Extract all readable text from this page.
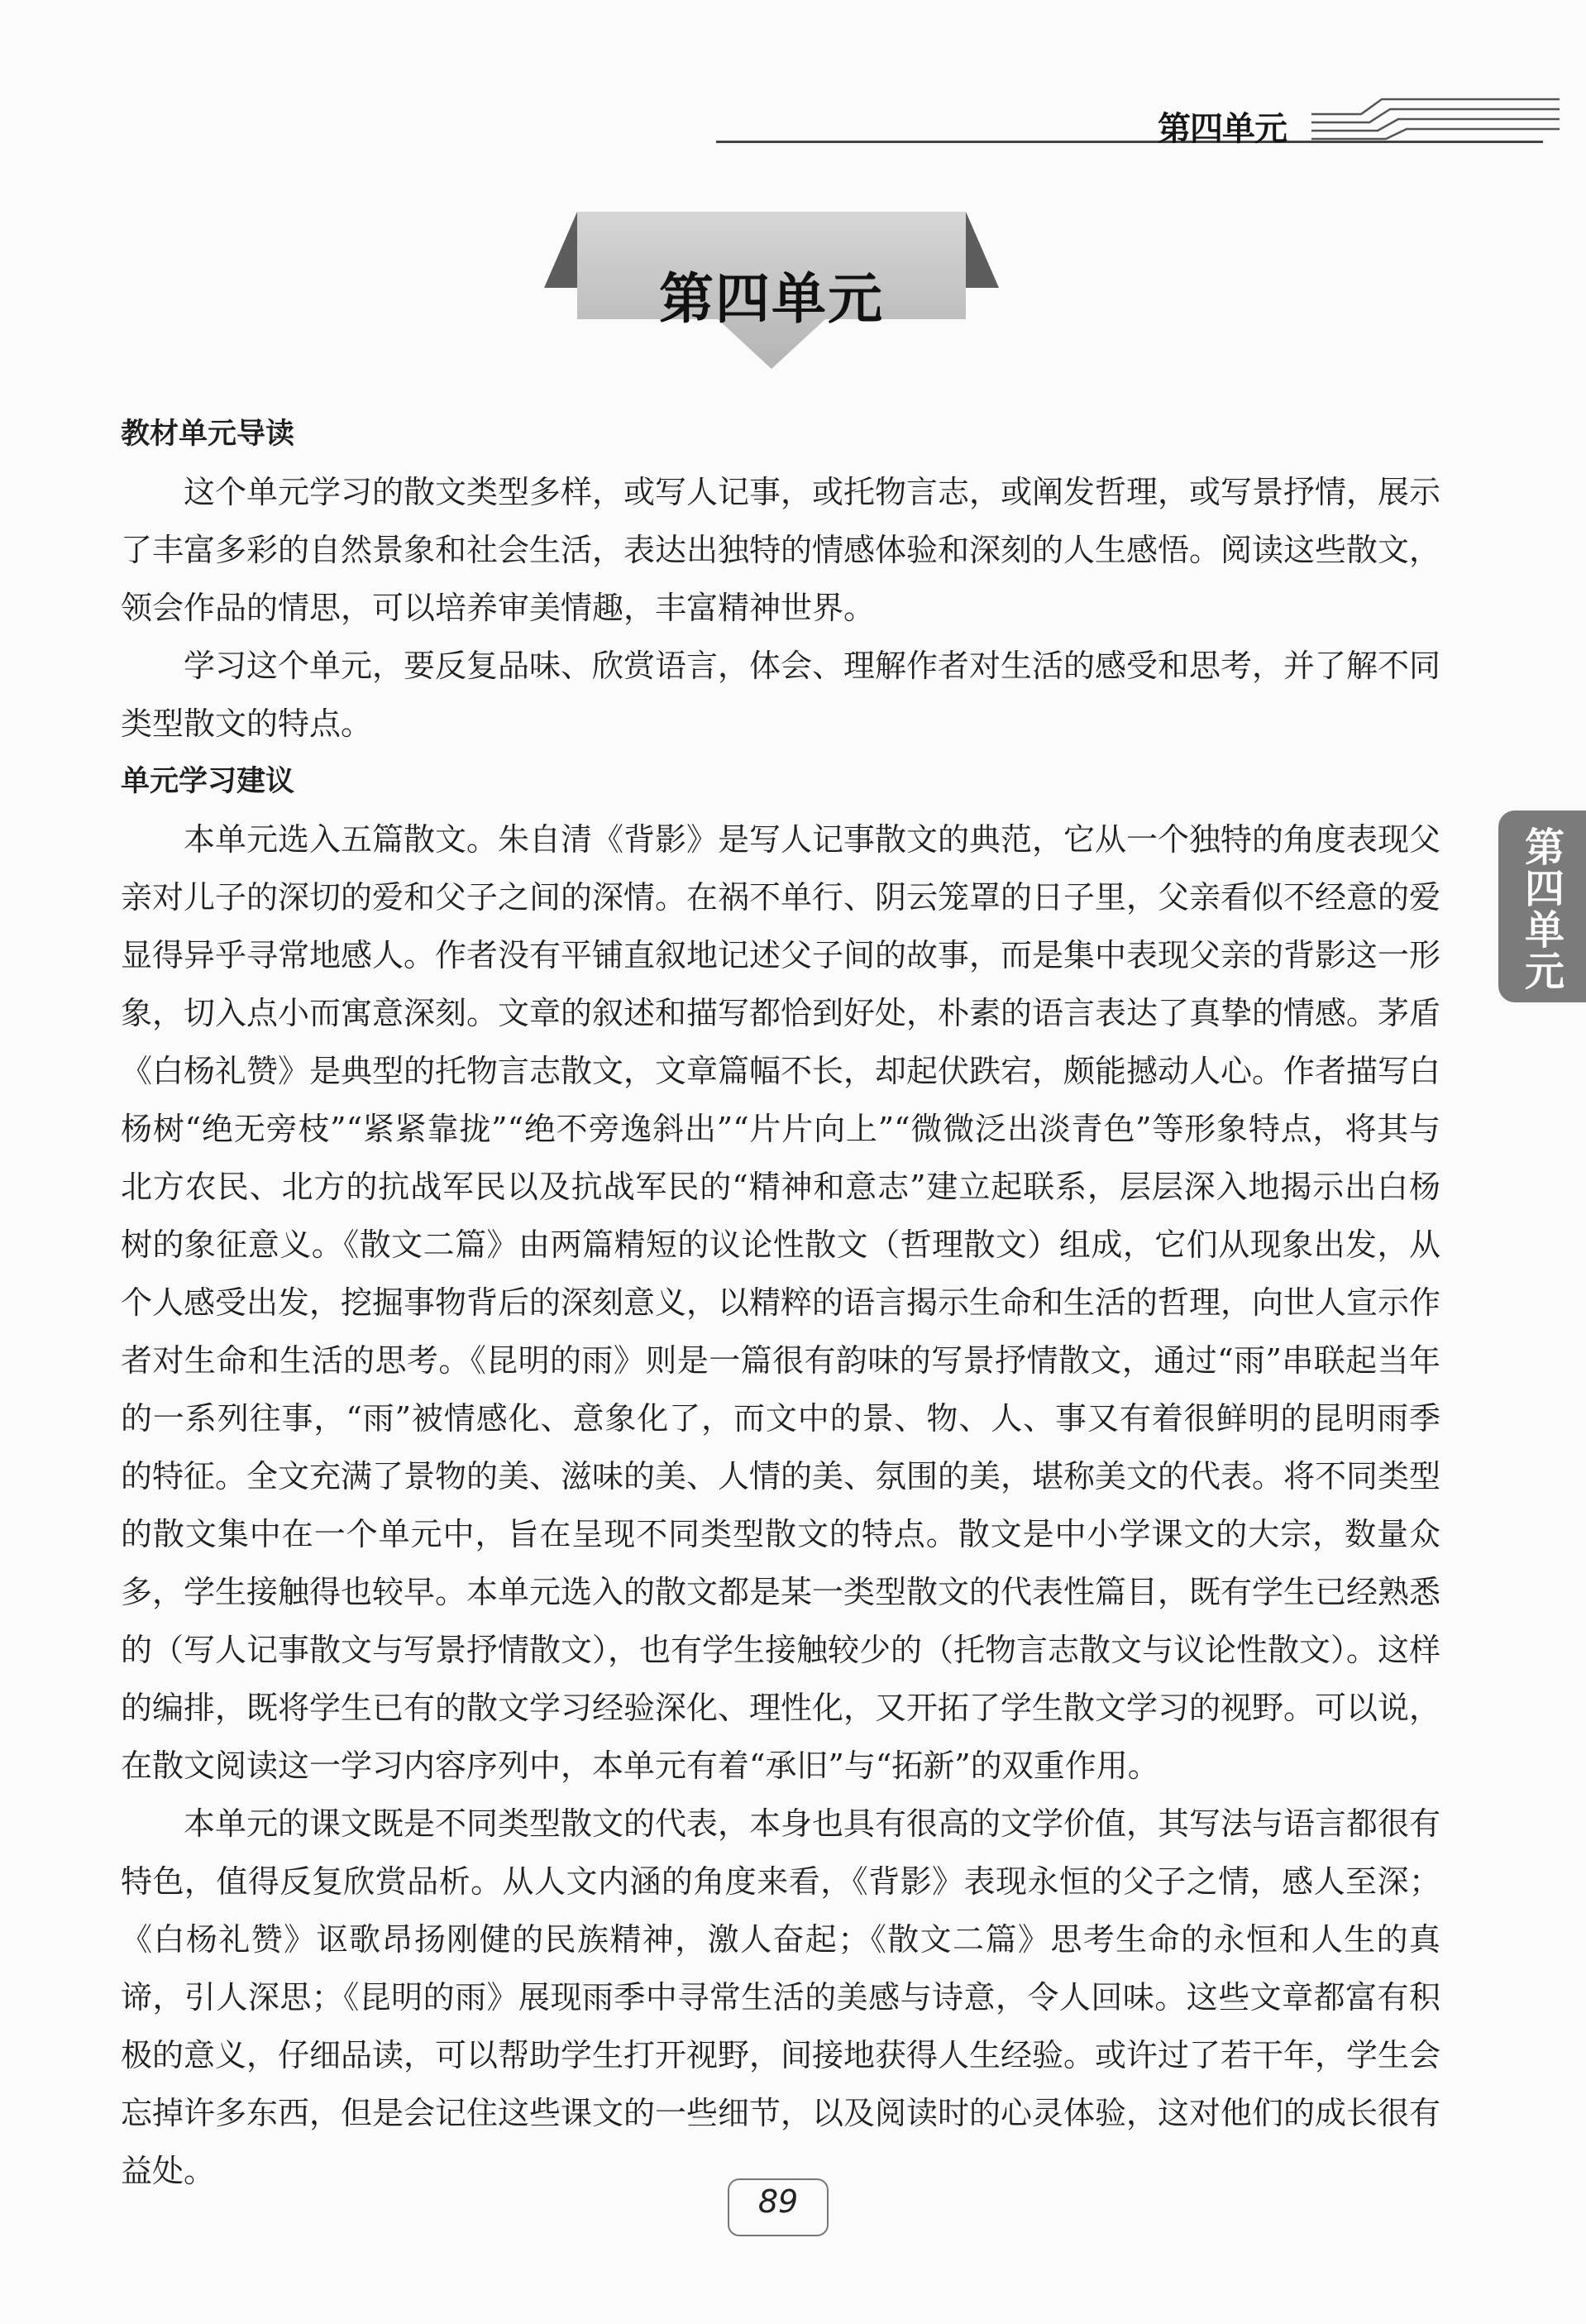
第四单元
第四单元
第四单元
教材单元导读

这个单元学习的散文类型多样，或写人记事，或托物言志，或阐发哲理，或写景抒情，展示了丰富多彩的自然景象和社会生活，表达出独特的情感体验和深刻的人生感悟。阅读这些散文，领会作品的情思，可以培养审美情趣，丰富精神世界。

学习这个单元，要反复品味、欣赏语言，体会、理解作者对生活的感受和思考，并了解不同类型散文的特点。

单元学习建议

本单元选入五篇散文。朱自清《背影》是写人记事散文的典范，它从一个独特的角度表现父亲对儿子的深切的爱和父子之间的深情。在祸不单行、阴云笼罩的日子里，父亲看似不经意的爱显得异乎寻常地感人。作者没有平铺直叙地记述父子间的故事，而是集中表现父亲的背影这一形象，切入点小而寓意深刻。文章的叙述和描写都恰到好处，朴素的语言表达了真挚的情感。茅盾《白杨礼赞》是典型的托物言志散文，文章篇幅不长，却起伏跌宕，颇能撼动人心。作者描写白杨树“绝无旁枝”“紧紧靠拢”“绝不旁逸斜出”“片片向上”“微微泛出淡青色”等形象特点，将其与北方农民、北方的抗战军民以及抗战军民的“精神和意志”建立起联系，层层深入地揭示出白杨树的象征意义。《散文二篇》由两篇精短的议论性散文（哲理散文）组成，它们从现象出发，从个人感受出发，挖掘事物背后的深刻意义，以精粹的语言揭示生命和生活的哲理，向世人宣示作者对生命和生活的思考。《昆明的雨》则是一篇很有韵味的写景抒情散文，通过“雨”串联起当年的一系列往事，“雨”被情感化、意象化了，而文中的景、物、人、事又有着很鲜明的昆明雨季的特征。全文充满了景物的美、滋味的美、人情的美、氛围的美，堪称美文的代表。将不同类型的散文集中在一个单元中，旨在呈现不同类型散文的特点。散文是中小学课文的大宗，数量众多，学生接触得也较早。本单元选入的散文都是某一类型散文的代表性篇目，既有学生已经熟悉的（写人记事散文与写景抒情散文），也有学生接触较少的（托物言志散文与议论性散文）。这样的编排，既将学生已有的散文学习经验深化、理性化，又开拓了学生散文学习的视野。可以说，在散文阅读这一学习内容序列中，本单元有着“承旧”与“拓新”的双重作用。

本单元的课文既是不同类型散文的代表，本身也具有很高的文学价值，其写法与语言都很有特色，值得反复欣赏品析。从人文内涵的角度来看，《背影》表现永恒的父子之情，感人至深；《白杨礼赞》讴歌昂扬刚健的民族精神，激人奋起；《散文二篇》思考生命的永恒和人生的真谛，引人深思；《昆明的雨》展现雨季中寻常生活的美感与诗意，令人回味。这些文章都富有积极的意义，仔细品读，可以帮助学生打开视野，间接地获得人生经验。或许过了若干年，学生会忘掉许多东西，但是会记住这些课文的一些细节，以及阅读时的心灵体验，这对他们的成长很有益处。

89
